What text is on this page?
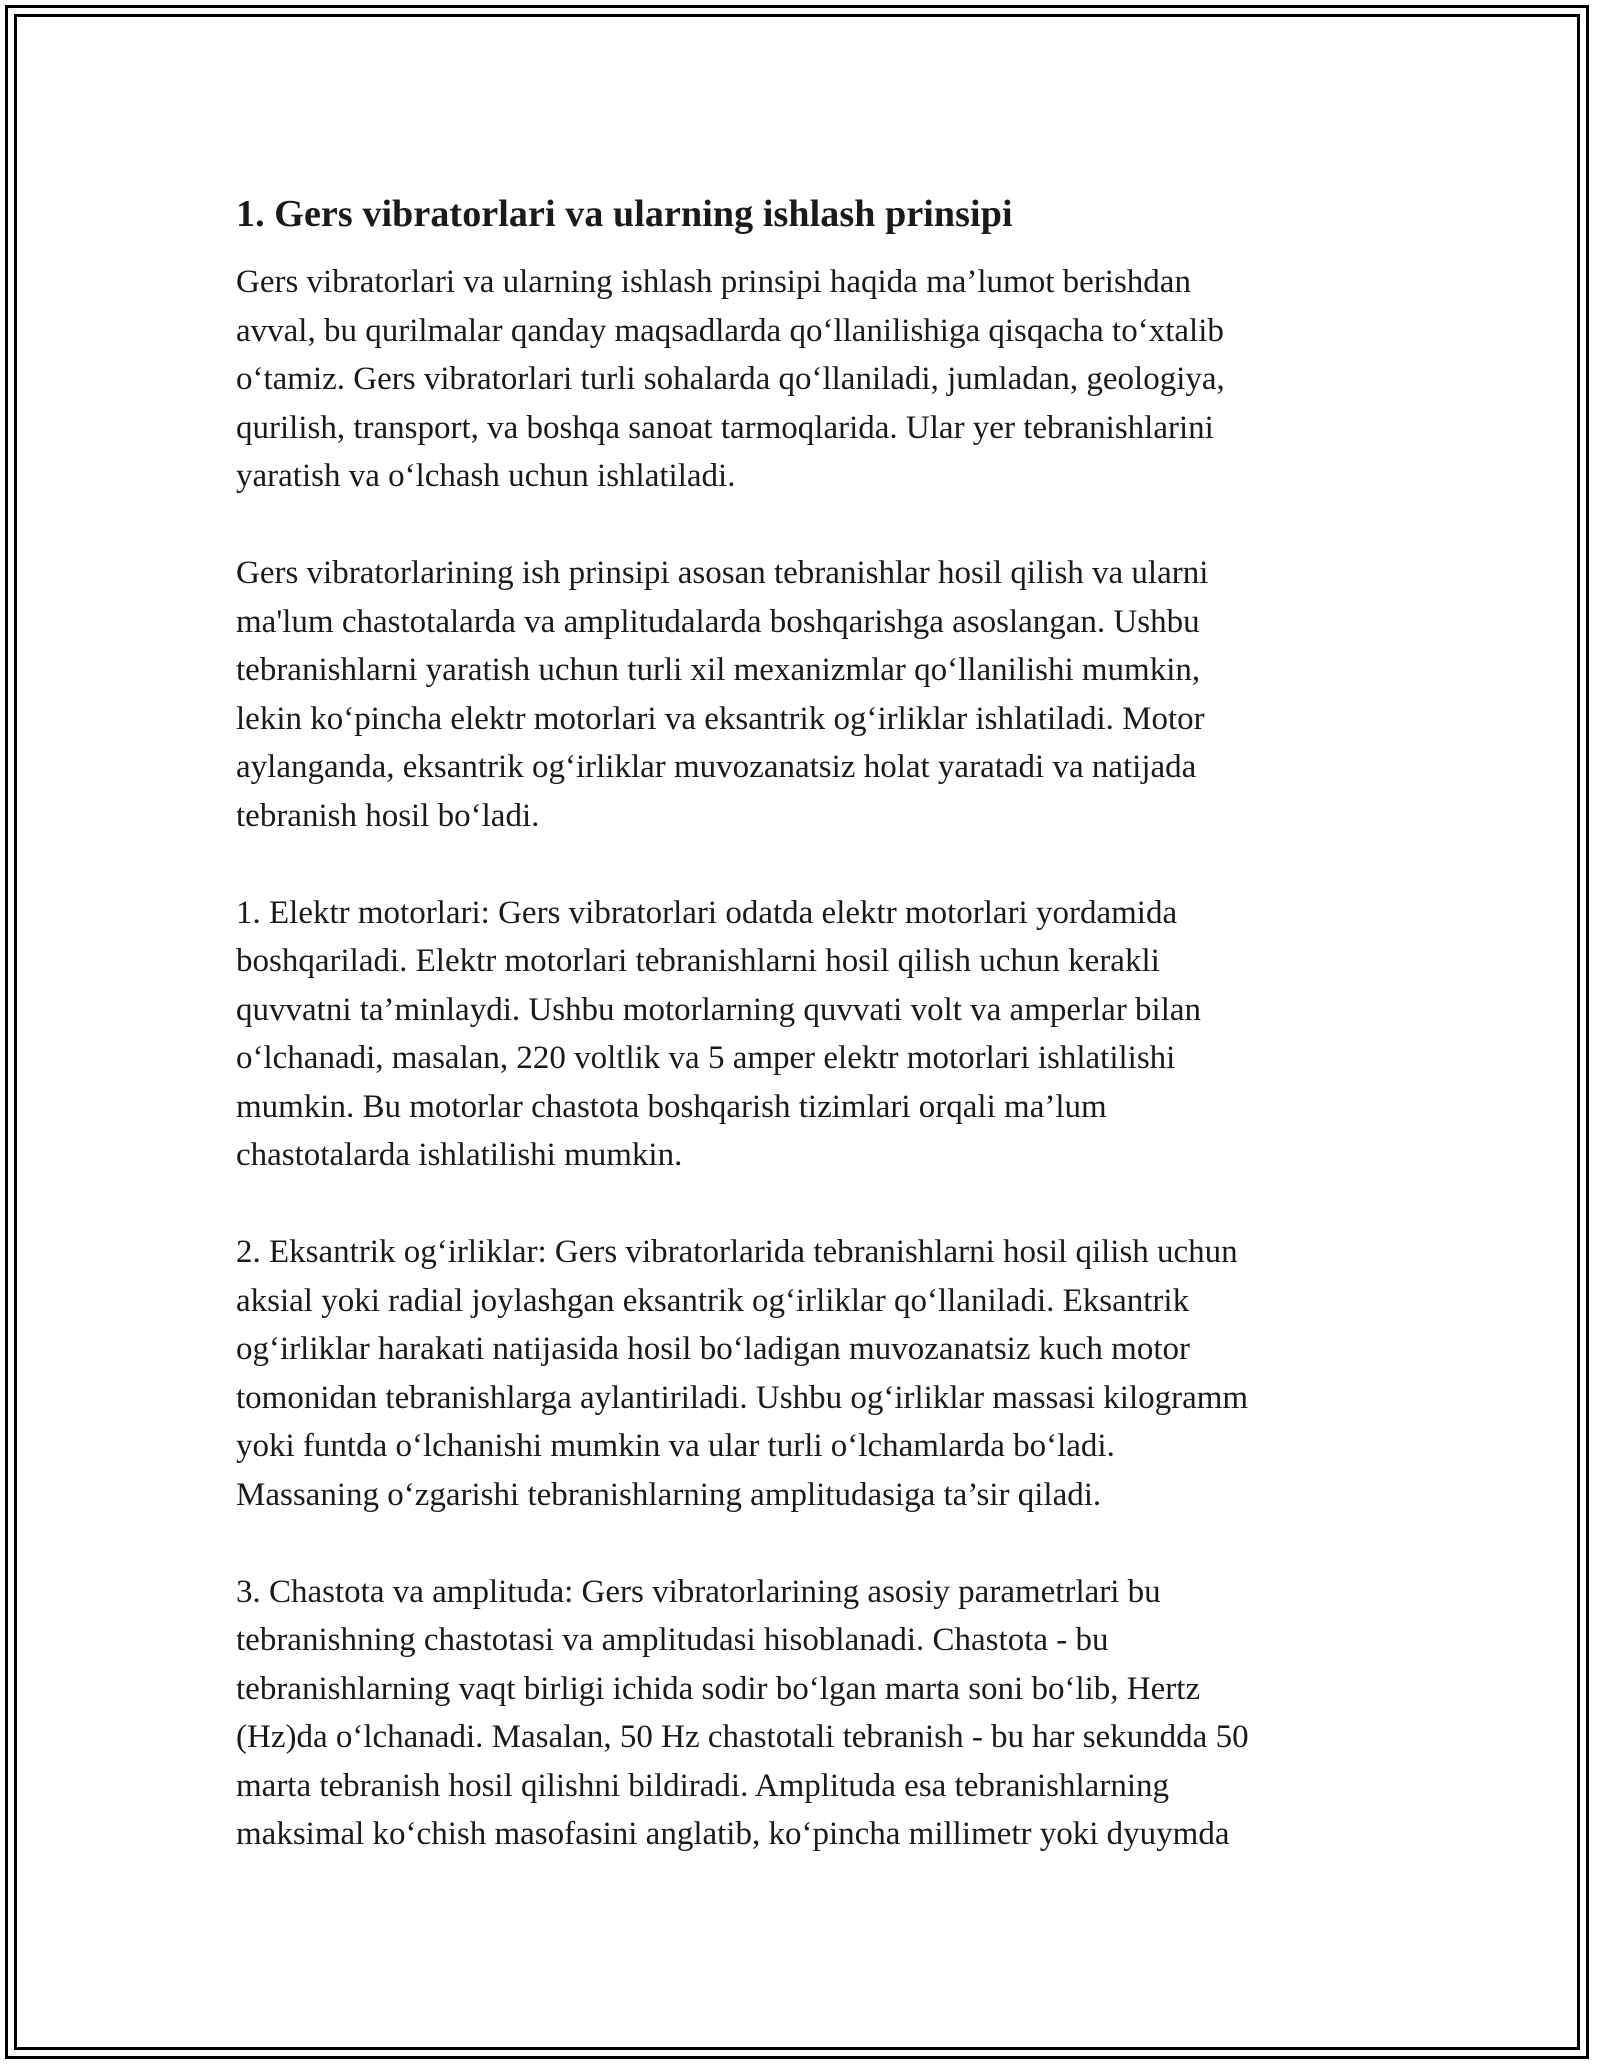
1. Gers vibratorlari va ularning ishlash prinsipi

Gers vibratorlari va ularning ishlash prinsipi haqida ma’lumot berishdan
avval, bu qurilmalar qanday maqsadlarda qo‘llanilishiga qisqacha to‘xtalib
o‘tamiz. Gers vibratorlari turli sohalarda qo‘llaniladi, jumladan, geologiya,
qurilish, transport, va boshqa sanoat tarmoqlarida. Ular yer tebranishlarini
yaratish va o‘lchash uchun ishlatiladi.

Gers vibratorlarining ish prinsipi asosan tebranishlar hosil qilish va ularni
ma'lum chastotalarda va amplitudalarda boshqarishga asoslangan. Ushbu
tebranishlarni yaratish uchun turli xil mexanizmlar qo‘llanilishi mumkin,
lekin ko‘pincha elektr motorlari va eksantrik og‘irliklar ishlatiladi. Motor
aylanganda, eksantrik og‘irliklar muvozanatsiz holat yaratadi va natijada
tebranish hosil bo‘ladi.

1. Elektr motorlari: Gers vibratorlari odatda elektr motorlari yordamida
boshqariladi. Elektr motorlari tebranishlarni hosil qilish uchun kerakli
quvvatni ta’minlaydi. Ushbu motorlarning quvvati volt va amperlar bilan
o‘lchanadi, masalan, 220 voltlik va 5 amper elektr motorlari ishlatilishi
mumkin. Bu motorlar chastota boshqarish tizimlari orqali ma’lum
chastotalarda ishlatilishi mumkin.

2. Eksantrik og‘irliklar: Gers vibratorlarida tebranishlarni hosil qilish uchun
aksial yoki radial joylashgan eksantrik og‘irliklar qo‘llaniladi. Eksantrik
og‘irliklar harakati natijasida hosil bo‘ladigan muvozanatsiz kuch motor
tomonidan tebranishlarga aylantiriladi. Ushbu og‘irliklar massasi kilogramm
yoki funtda o‘lchanishi mumkin va ular turli o‘lchamlarda bo‘ladi.
Massaning o‘zgarishi tebranishlarning amplitudasiga ta’sir qiladi.

3. Chastota va amplituda: Gers vibratorlarining asosiy parametrlari bu
tebranishning chastotasi va amplitudasi hisoblanadi. Chastota - bu
tebranishlarning vaqt birligi ichida sodir bo‘lgan marta soni bo‘lib, Hertz
(Hz)da o‘lchanadi. Masalan, 50 Hz chastotali tebranish - bu har sekundda 50
marta tebranish hosil qilishni bildiradi. Amplituda esa tebranishlarning
maksimal ko‘chish masofasini anglatib, ko‘pincha millimetr yoki dyuymda
